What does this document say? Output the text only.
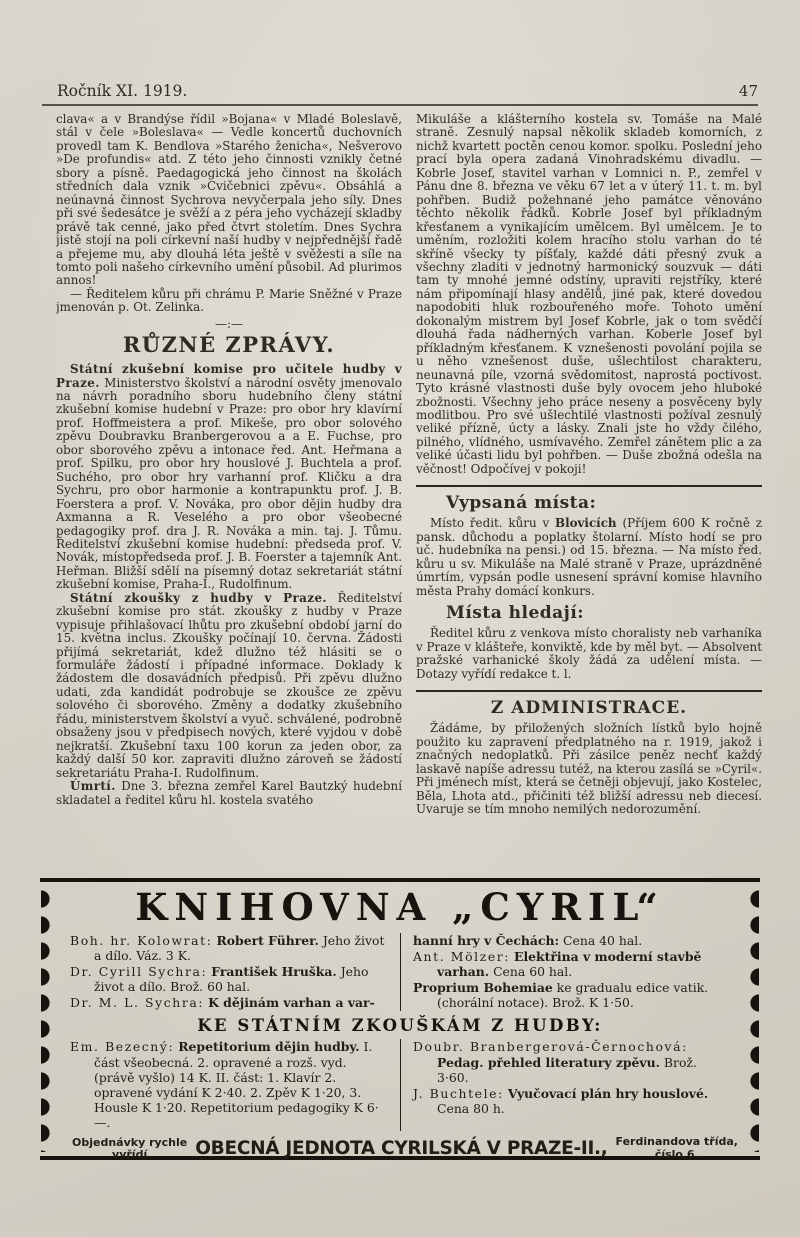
Ročník XI. 1919.	47

clava« a v Brandýse řídil »Bojana« v Mladé Boleslavě, stál v čele »Boleslava« — Vedle koncertů duchovních provedl tam K. Bendlova »Starého ženicha«, Nešverovo »De profundis« atd. Z této jeho činnosti vznikly četné sbory a písně. Paedagogická jeho činnost na školách středních dala vznik »Cvičebnici zpěvu«. Obsáhlá a neúnavná činnost Sychrova nevyčerpala jeho síly. Dnes při své šedesátce je svěží a z péra jeho vycházejí skladby právě tak cenné, jako před čtvrt stoletím. Dnes Sychra jistě stojí na poli církevní naší hudby v nejpřednější řadě a přejeme mu, aby dlouhá léta ještě v svěžesti a síle na tomto poli našeho církevního umění působil. Ad plurimos annos!

— Ředitelem kůru při chrámu P. Marie Sněžné v Praze jmenován p. Ot. Zelinka.

—:—
RŮZNÉ ZPRÁVY.

Státní zkušební komise pro učitele hudby v Praze. Ministerstvo školství a národní osvěty jmenovalo na návrh poradního sboru hudebního členy státní zkušební komise hudební v Praze: pro obor hry klavírní prof. Hoffmeistera a prof. Mikeše, pro obor solového zpěvu Doubravku Branbergerovou a a E. Fuchse, pro obor sborového zpěvu a intonace řed. Ant. Heřmana a prof. Spilku, pro obor hry houslové J. Buchtela a prof. Suchého, pro obor hry varhanní prof. Kličku a dra Sychru, pro obor harmonie a kontrapunktu prof. J. B. Foerstera a prof. V. Nováka, pro obor dějin hudby dra Axmanna a R. Veselého a pro obor všeobecné pedagogiky prof. dra J. R. Nováka a min. taj. J. Tůmu. Ředitelství zkušební komise hudební: předseda prof. V. Novák, místopředseda prof. J. B. Foerster a tajemník Ant. Heřman. Bližší sdělí na písemný dotaz sekretariát státní zkušební komise, Praha-I., Rudolfinum.

Státní zkoušky z hudby v Praze. Ředitelství zkušební komise pro stát. zkoušky z hudby v Praze vypisuje přihlašovací lhůtu pro zkušební období jarní do 15. května inclus. Zkoušky počínají 10. června. Žádosti přijímá sekretariát, kdež dlužno též hlásiti se o formuláře žádostí i případné informace. Doklady k žádostem dle dosavádních předpisů. Při zpěvu dlužno udati, zda kandidát podrobuje se zkoušce ze zpěvu solového či sborového. Změny a dodatky zkušebního řádu, ministerstvem školství a vyuč. schválené, podrobně obsaženy jsou v předpisech nových, které vyjdou v době nejkratší. Zkušební taxu 100 korun za jeden obor, za každý další 50 kor. zapraviti dlužno zároveň se žádostí sekretariátu Praha-I. Rudolfinum.

Úmrtí. Dne 3. března zemřel Karel Bautzký hudební skladatel a ředitel kůru hl. kostela svatého

Mikuláše a klášterního kostela sv. Tomáše na Malé straně. Zesnulý napsal několik skladeb komorních, z nichž kvartett poctěn cenou komor. spolku. Poslední jeho prací byla opera zadaná Vinohradskému divadlu. — Kobrle Josef, stavitel varhan v Lomnici n. P., zemřel v Pánu dne 8. března ve věku 67 let a v úterý 11. t. m. byl pohřben. Budiž požehnané jeho památce věnováno těchto několik řádků. Kobrle Josef byl příkladným křesťanem a vynikajícím umělcem. Byl umělcem. Je to uměním, rozložiti kolem hracího stolu varhan do té skříně všecky ty píšťaly, každé dáti přesný zvuk a všechny zladiti v jednotný harmonický souzvuk — dáti tam ty mnohé jemné odstíny, upraviti rejstříky, které nám připomínají hlasy andělů, jiné pak, které dovedou napodobiti hluk rozbouřeného moře. Tohoto umění dokonalým mistrem byl Josef Kobrle, jak o tom svědčí dlouhá řada nádherných varhan. Koberle Josef byl příkladným křesťanem. K vznešenosti povolání pojila se u něho vznešenost duše, ušlechtilost charakteru, neunavná píle, vzorná svědomitost, naprostá poctivost. Tyto krásné vlastnosti duše byly ovocem jeho hluboké zbožnosti. Všechny jeho práce neseny a posvěceny byly modlitbou. Pro své ušlechtilé vlastnosti požíval zesnulý veliké přízně, úcty a lásky. Znali jste ho vždy čilého, pilného, vlídného, usmívavého. Zemřel zánětem plic a za veliké účasti lidu byl pohřben. — Duše zbožná odešla na věčnost! Odpočívej v pokoji!

Vypsaná místa:

Místo ředit. kůru v Blovicích (Příjem 600 K ročně z pansk. důchodu a poplatky štolarní. Místo hodí se pro uč. hudebníka na pensi.) od 15. března. — Na místo řed. kůru u sv. Mikuláše na Malé straně v Praze, uprázdněné úmrtím, vypsán podle usnesení správní komise hlavního města Prahy domácí konkurs.

Místa hledají:

Ředitel kůru z venkova místo choralisty neb varhaníka v Praze v klášteře, konviktě, kde by měl byt. — Absolvent pražské varhanické školy žádá za udělení místa. — Dotazy vyřídí redakce t. l.

Z ADMINISTRACE.

Žádáme, by přiložených složních lístků bylo hojně použito ku zapravení předplatného na r. 1919, jakož i značných nedoplatků. Při zásilce peněz nechť každý laskavě napíše adressu tutéž, na kterou zasílá se »Cyril«. Při jménech míst, která se četněji objevují, jako Kostelec, Běla, Lhota atd., přičiniti též bližší adressu neb diecesí. Uvaruje se tím mnoho nemilých nedorozumění.

KNIHOVNA „CYRIL“

Boh. hr. Kolowrat: Robert Führer. Jeho život a dílo. Váz. 3 K.

Dr. Cyrill Sychra: František Hruška. Jeho život a dílo. Brož. 60 hal.

Dr. M. L. Sychra: K dějinám varhan a var-

hanní hry v Čechách: Cena 40 hal.

Ant. Mölzer: Elektřina v moderní stavbě varhan. Cena 60 hal.

Proprium Bohemiae ke gradualu edice vatik. (chorální notace). Brož. K 1·50.

KE STÁTNÍM ZKOUŠKÁM Z HUDBY:

Em. Bezecný: Repetitorium dějin hudby. I. část všeobecná. 2. opravené a rozš. vyd. (právě vyšlo) 14 K. II. část: 1. Klavír 2. opravené vydání K 2·40. 2. Zpěv K 1·20, 3. Housle K 1·20. Repetitorium pedagogiky K 6·—.

Doubr. Branbergerová-Černochová: Pedag. přehled literatury zpěvu. Brož. 3·60.

J. Buchtele: Vyučovací plán hry houslové. Cena 80 h.

Objednávky rychle
vyřídí	OBECNÁ JEDNOTA CYRILSKÁ V PRAZE-II., Ferdinandova třída,
číslo 6.
